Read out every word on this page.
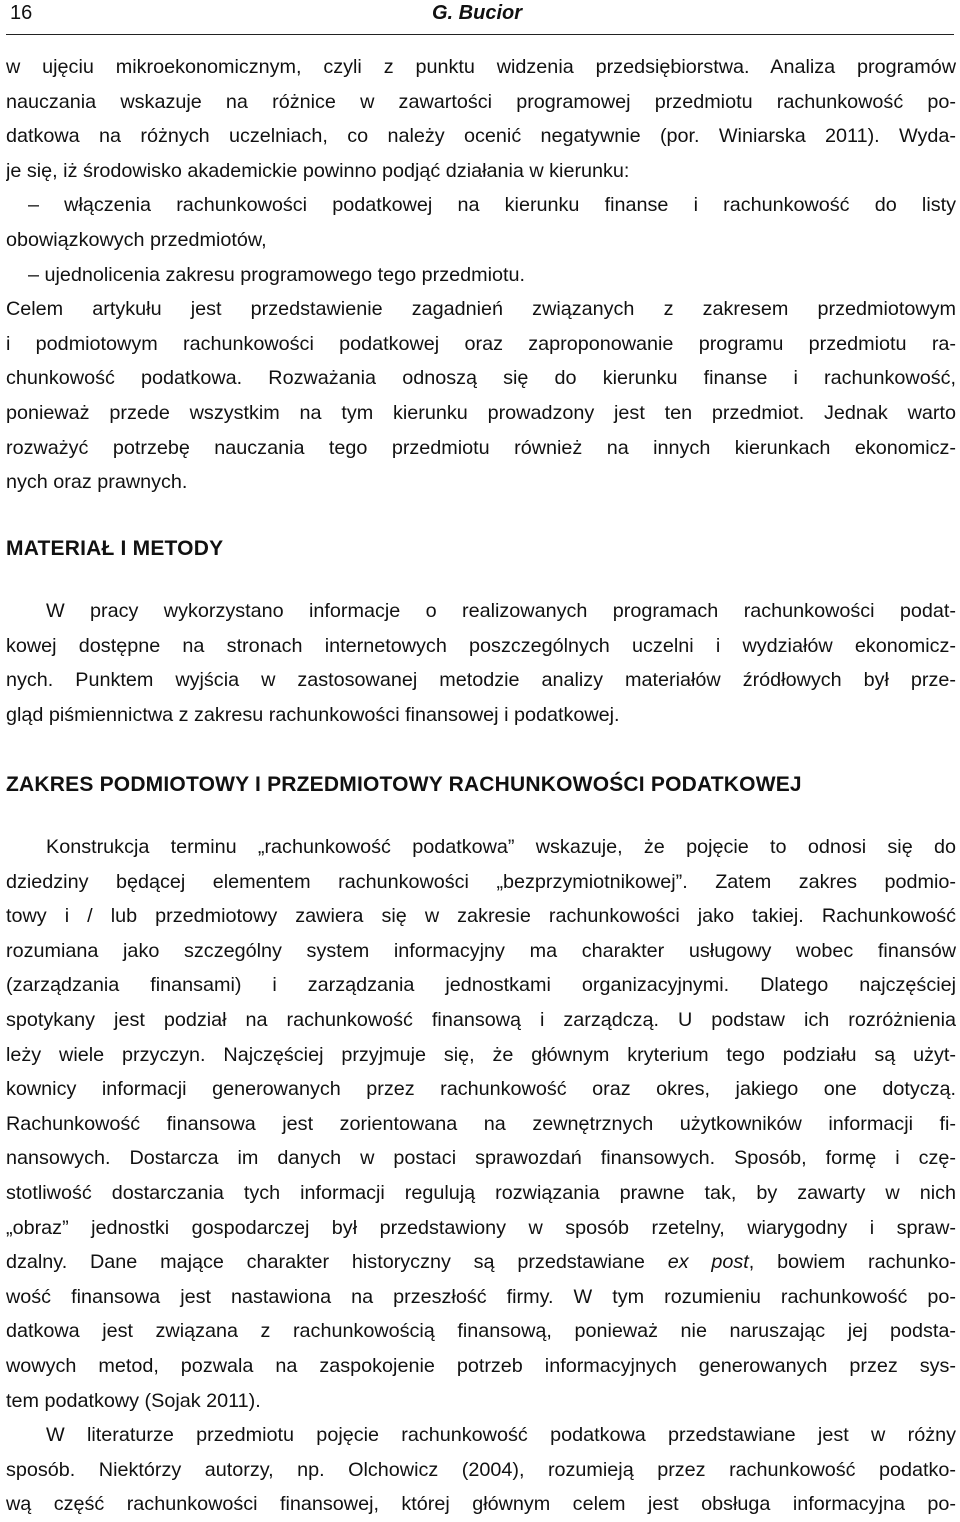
16	G. Bucior
w ujęciu mikroekonomicznym, czyli z punktu widzenia przedsiębiorstwa. Analiza programów
nauczania wskazuje na różnice w zawartości programowej przedmiotu rachunkowość po-
datkowa na różnych uczelniach, co należy ocenić negatywnie (por. Winiarska 2011). Wyda-
je się, iż środowisko akademickie powinno podjąć działania w kierunku:
– włączenia rachunkowości podatkowej na kierunku finanse i rachunkowość do listy
obowiązkowych przedmiotów,
– ujednolicenia zakresu programowego tego przedmiotu.
Celem artykułu jest przedstawienie zagadnień związanych z zakresem przedmiotowym
i podmiotowym rachunkowości podatkowej oraz zaproponowanie programu przedmiotu ra-
chunkowość podatkowa. Rozważania odnoszą się do kierunku finanse i rachunkowość,
ponieważ przede wszystkim na tym kierunku prowadzony jest ten przedmiot. Jednak warto
rozważyć potrzebę nauczania tego przedmiotu również na innych kierunkach ekonomicz-
nych oraz prawnych.
MATERIAŁ I METODY
W pracy wykorzystano informacje o realizowanych programach rachunkowości podat-
kowej dostępne na stronach internetowych poszczególnych uczelni i wydziałów ekonomicz-
nych. Punktem wyjścia w zastosowanej metodzie analizy materiałów źródłowych był prze-
gląd piśmiennictwa z zakresu rachunkowości finansowej i podatkowej.
ZAKRES PODMIOTOWY I PRZEDMIOTOWY RACHUNKOWOŚCI PODATKOWEJ
Konstrukcja terminu „rachunkowość podatkowa” wskazuje, że pojęcie to odnosi się do
dziedziny będącej elementem rachunkowości „bezprzymiotnikowej”. Zatem zakres podmio-
towy i / lub przedmiotowy zawiera się w zakresie rachunkowości jako takiej. Rachunkowość
rozumiana jako szczególny system informacyjny ma charakter usługowy wobec finansów
(zarządzania finansami) i zarządzania jednostkami organizacyjnymi. Dlatego najczęściej
spotykany jest podział na rachunkowość finansową i zarządczą. U podstaw ich rozróżnienia
leży wiele przyczyn. Najczęściej przyjmuje się, że głównym kryterium tego podziału są użyt-
kownicy informacji generowanych przez rachunkowość oraz okres, jakiego one dotyczą.
Rachunkowość finansowa jest zorientowana na zewnętrznych użytkowników informacji fi-
nansowych. Dostarcza im danych w postaci sprawozdań finansowych. Sposób, formę i czę-
stotliwość dostarczania tych informacji regulują rozwiązania prawne tak, by zawarty w nich
„obraz” jednostki gospodarczej był przedstawiony w sposób rzetelny, wiarygodny i spraw-
dzalny. Dane mające charakter historyczny są przedstawiane ex post, bowiem rachunko-
wość finansowa jest nastawiona na przeszłość firmy. W tym rozumieniu rachunkowość po-
datkowa jest związana z rachunkowością finansową, ponieważ nie naruszając jej podsta-
wowych metod, pozwala na zaspokojenie potrzeb informacyjnych generowanych przez sys-
tem podatkowy (Sojak 2011).
W literaturze przedmiotu pojęcie rachunkowość podatkowa przedstawiane jest w różny
sposób. Niektórzy autorzy, np. Olchowicz (2004), rozumieją przez rachunkowość podatko-
wą część rachunkowości finansowej, której głównym celem jest obsługa informacyjna po-
